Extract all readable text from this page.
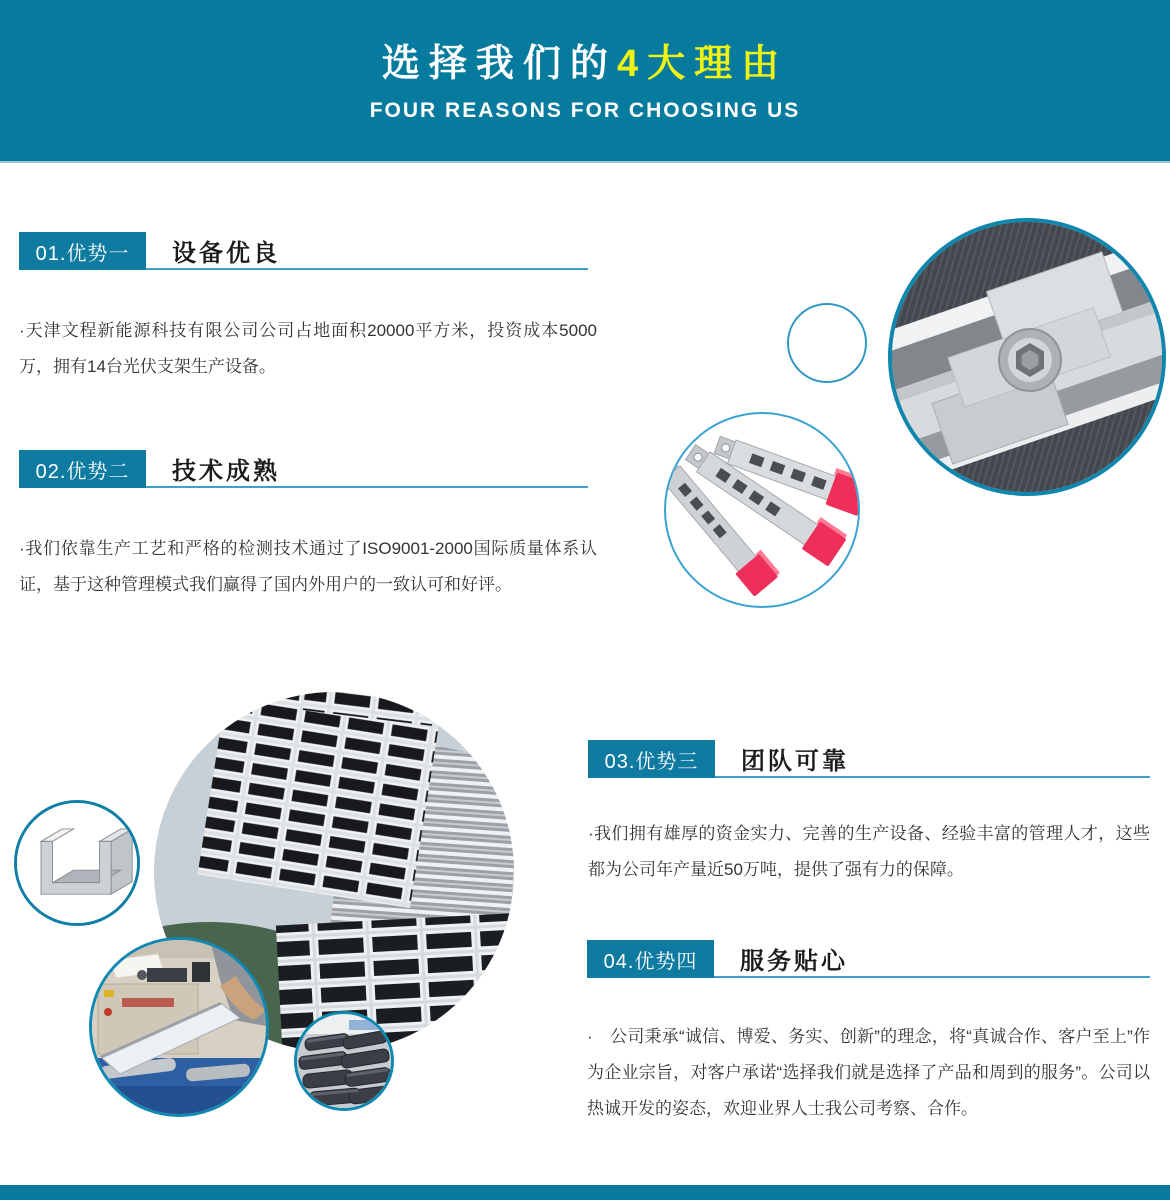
选择我们的4大理由
FOUR REASONS FOR CHOOSING US
01.优势一	设备优良

·天津文程新能源科技有限公司公司占地面积20000平方米，投资成本5000万，拥有14台光伏支架生产设备。

02.优势二	技术成熟

·我们依靠生产工艺和严格的检测技术通过了ISO9001-2000国际质量体系认证，基于这种管理模式我们赢得了国内外用户的一致认可和好评。

03.优势三	团队可靠

·我们拥有雄厚的资金实力、完善的生产设备、经验丰富的管理人才，这些都为公司年产量近50万吨，提供了强有力的保障。

04.优势四	服务贴心

·　公司秉承“诚信、博爱、务实、创新”的理念，将“真诚合作、客户至上”作为企业宗旨，对客户承诺“选择我们就是选择了产品和周到的服务”。公司以热诚开发的姿态，欢迎业界人士我公司考察、合作。
